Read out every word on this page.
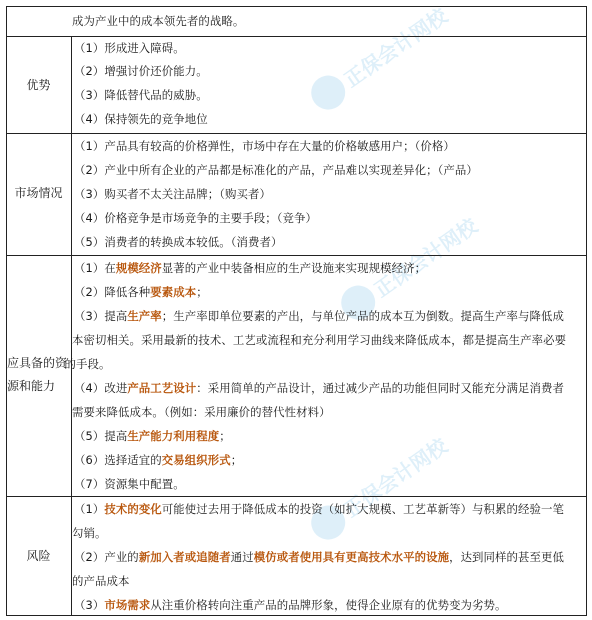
正保会计网校
正保会计网校
正保会计网校
成为产业中的成本领先者的战略。
优势
（1）形成进入障碍。
（2）增强讨价还价能力。
（3）降低替代品的威胁。
（4）保持领先的竞争地位
市场情况
（1）产品具有较高的价格弹性，市场中存在大量的价格敏感用户；（价格）
（2）产业中所有企业的产品都是标准化的产品，产品难以实现差异化；（产品）
（3）购买者不太关注品牌；（购买者）
（4）价格竞争是市场竞争的主要手段；（竞争）
（5）消费者的转换成本较低。（消费者）
应具备的资
源和能力
（1）在规模经济显著的产业中装备相应的生产设施来实现规模经济；
（2）降低各种要素成本；
（3）提高生产率；生产率即单位要素的产出，与单位产品的成本互为倒数。提高生产率与降低成
本密切相关。采用最新的技术、工艺或流程和充分利用学习曲线来降低成本，都是提高生产率必要
的手段。
（4）改进产品工艺设计：采用简单的产品设计，通过减少产品的功能但同时又能充分满足消费者
需要来降低成本。（例如：采用廉价的替代性材料）
（5）提高生产能力利用程度；
（6）选择适宜的交易组织形式；
（7）资源集中配置。
风险
（1）技术的变化可能使过去用于降低成本的投资（如扩大规模、工艺革新等）与积累的经验一笔
勾销。
（2）产业的新加入者或追随者通过模仿或者使用具有更高技术水平的设施，达到同样的甚至更低
的产品成本
（3）市场需求从注重价格转向注重产品的品牌形象，使得企业原有的优势变为劣势。
